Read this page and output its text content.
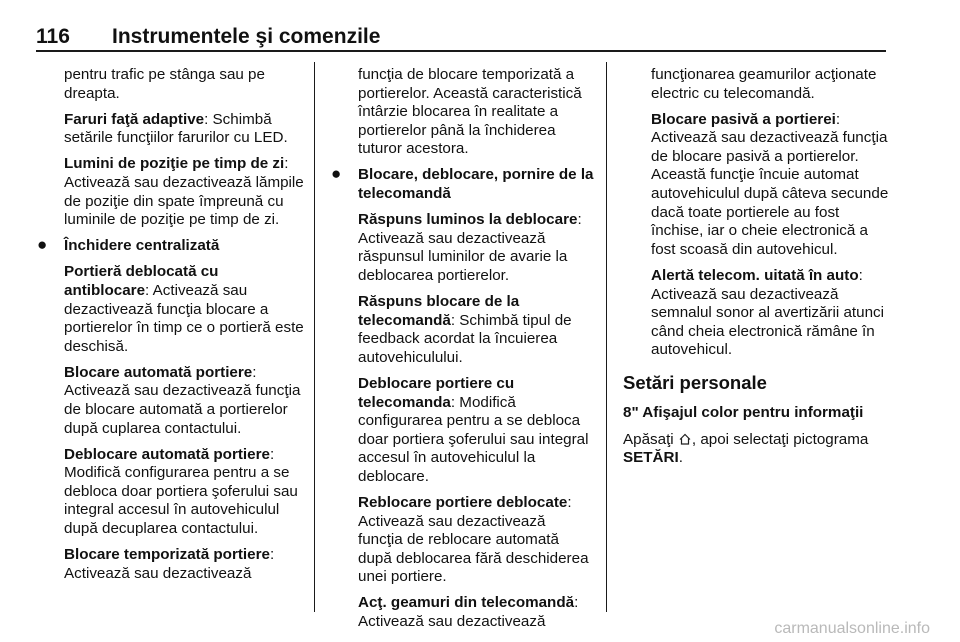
116 Instrumentele şi comenzile

pentru trafic pe stânga sau pe dreapta.

Faruri faţă adaptive: Schimbă setările funcţiilor farurilor cu LED.

Lumini de poziţie pe timp de zi: Activează sau dezactivează lămpile de poziţie din spate împreună cu luminile de poziţie pe timp de zi.

● Închidere centralizată

Portieră deblocată cu antiblocare: Activează sau dezactivează funcţia blocare a portierelor în timp ce o portieră este deschisă.

Blocare automată portiere: Activează sau dezactivează funcţia de blocare automată a portierelor după cuplarea contactului.

Deblocare automată portiere: Modifică configurarea pentru a se debloca doar portiera şoferului sau integral accesul în autovehiculul după decuplarea contactului.

Blocare temporizată portiere: Activează sau dezactivează

funcţia de blocare temporizată a portierelor. Această caracteristică întârzie blocarea în realitate a portierelor până la închiderea tuturor acestora.

● Blocare, deblocare, pornire de la telecomandă

Răspuns luminos la deblocare: Activează sau dezactivează răspunsul luminilor de avarie la deblocarea portierelor.

Răspuns blocare de la telecomandă: Schimbă tipul de feedback acordat la încuierea autovehiculului.

Deblocare portiere cu telecomanda: Modifică configurarea pentru a se debloca doar portiera şoferului sau integral accesul în autovehiculul la deblocare.

Reblocare portiere deblocate: Activează sau dezactivează funcţia de reblocare automată după deblocarea fără deschiderea unei portiere.

Acţ. geamuri din telecomandă: Activează sau dezactivează

funcţionarea geamurilor acţionate electric cu telecomandă.

Blocare pasivă a portierei: Activează sau dezactivează funcţia de blocare pasivă a portierelor. Această funcţie încuie automat autovehiculul după câteva secunde dacă toate portierele au fost închise, iar o cheie electronică a fost scoasă din autovehicul.

Alertă telecom. uitată în auto: Activează sau dezactivează semnalul sonor al avertizării atunci când cheia electronică rămâne în autovehicul.

Setări personale
8" Afişajul color pentru informaţii

Apăsaţi , apoi selectaţi pictograma SETĂRI.

carmanualsonline.info
